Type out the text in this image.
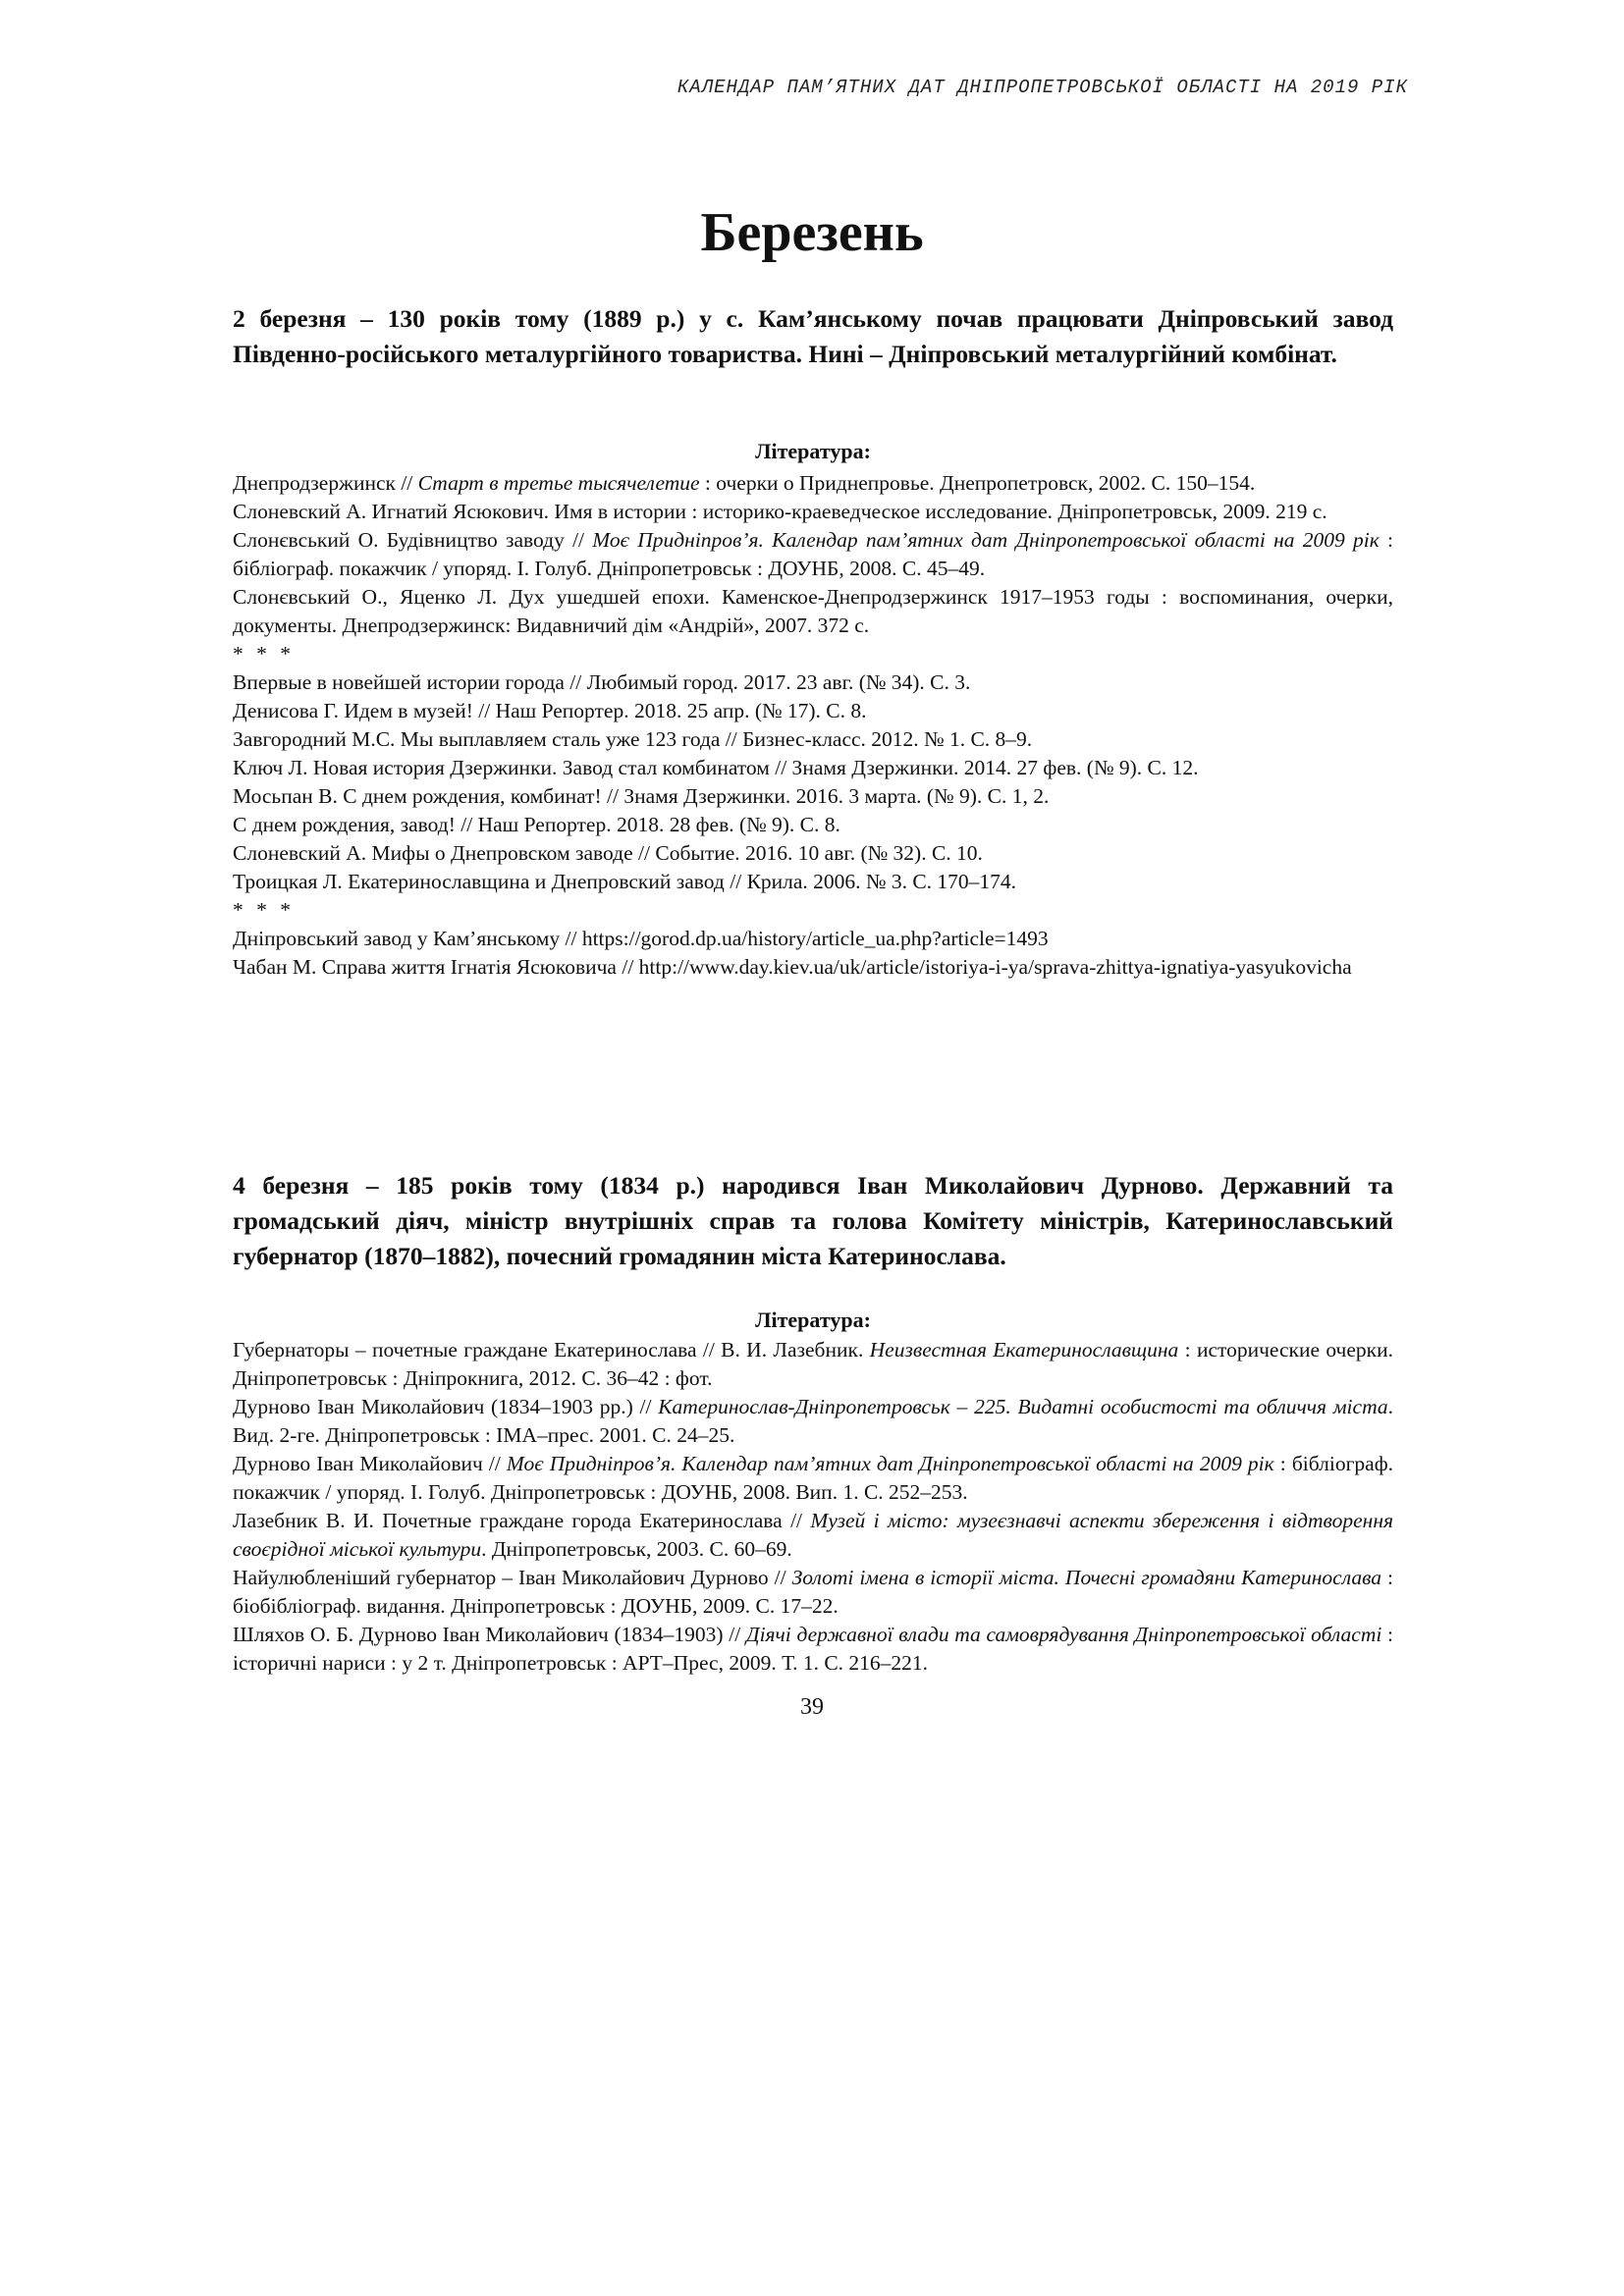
КАЛЕНДАР ПАМ’ЯТНИХ ДАТ ДНІПРОПЕТРОВСЬКОЇ ОБЛАСТІ НА 2019 РІК
Березень

2 березня – 130 років тому (1889 р.) у с. Кам’янському почав працювати Дніпровський завод Південно-російського металургійного товариства. Нині – Дніпровський металургійний комбінат.

Література:

Днепродзержинск // Старт в третье тысячелетие : очерки о Приднепровье. Днепропетровск, 2002. С. 150–154.
Слоневский А. Игнатий Ясюкович. Имя в истории : историко-краеведческое исследование. Дніпропетровськ, 2009. 219 с.
Слонєвський О. Будівництво заводу // Моє Придніпров’я. Календар пам’ятних дат Дніпропетровської області на 2009 рік : бібліограф. покажчик / упоряд. І. Голуб. Дніпропетровськ : ДОУНБ, 2008. С. 45–49.
Слонєвський О., Яценко Л. Дух ушедшей епохи. Каменское-Днепродзержинск 1917–1953 годы : воспоминания, очерки, документы. Днепродзержинск: Видавничий дім «Андрій», 2007. 372 с.
* * *
Впервые в новейшей истории города // Любимый город. 2017. 23 авг. (№ 34). С. 3.
Денисова Г. Идем в музей! // Наш Репортер. 2018. 25 апр. (№ 17). С. 8.
Завгородний М.С. Мы выплавляем сталь уже 123 года // Бизнес-класс. 2012. № 1. С. 8–9.
Ключ Л. Новая история Дзержинки. Завод стал комбинатом // Знамя Дзержинки. 2014. 27 фев. (№ 9). С. 12.
Мосьпан В. С днем рождения, комбинат! // Знамя Дзержинки. 2016. 3 марта. (№ 9). С. 1, 2.
С днем рождения, завод! // Наш Репортер. 2018. 28 фев. (№ 9). С. 8.
Слоневский А. Мифы о Днепровском заводе // Событие. 2016. 10 авг. (№ 32). С. 10.
Троицкая Л. Екатеринославщина и Днепровский завод // Крила. 2006. № 3. С. 170–174.
* * *
Дніпровський завод у Кам’янському // https://gorod.dp.ua/history/article_ua.php?article=1493
Чабан М. Справа життя Ігнатія Ясюковича // http://www.day.kiev.ua/uk/article/istoriya-i-ya/sprava-zhittya-ignatiya-yasyukovicha

4 березня – 185 років тому (1834 р.) народився Іван Миколайович Дурново. Державний та громадський діяч, міністр внутрішніх справ та голова Комітету міністрів, Катеринославський губернатор (1870–1882), почесний громадянин міста Катеринослава.

Література:

Губернаторы – почетные граждане Екатеринослава // В. И. Лазебник. Неизвестная Екатеринославщина : исторические очерки. Дніпропетровськ : Дніпрокнига, 2012. С. 36–42 : фот.
Дурново Іван Миколайович (1834–1903 рр.) // Катеринослав-Дніпропетровськ – 225. Видатні особистості та обличчя міста. Вид. 2-ге. Дніпропетровськ : ІМА–прес. 2001. С. 24–25.
Дурново Іван Миколайович // Моє Придніпров’я. Календар пам’ятних дат Дніпропетровської області на 2009 рік : бібліограф. покажчик / упоряд. І. Голуб. Дніпропетровськ : ДОУНБ, 2008. Вип. 1. С. 252–253.
Лазебник В. И. Почетные граждане города Екатеринослава // Музей і місто: музеєзнавчі аспекти збереження і відтворення своєрідної міської культури. Дніпропетровськ, 2003. С. 60–69.
Найулюбленіший губернатор – Іван Миколайович Дурново // Золоті імена в історії міста. Почесні громадяни Катеринослава : біобібліограф. видання. Дніпропетровськ : ДОУНБ, 2009. С. 17–22.
Шляхов О. Б. Дурново Іван Миколайович (1834–1903) // Діячі державної влади та самоврядування Дніпропетровської області : історичні нариси : у 2 т. Дніпропетровськ : АРТ–Прес, 2009. Т. 1. С. 216–221.

39
